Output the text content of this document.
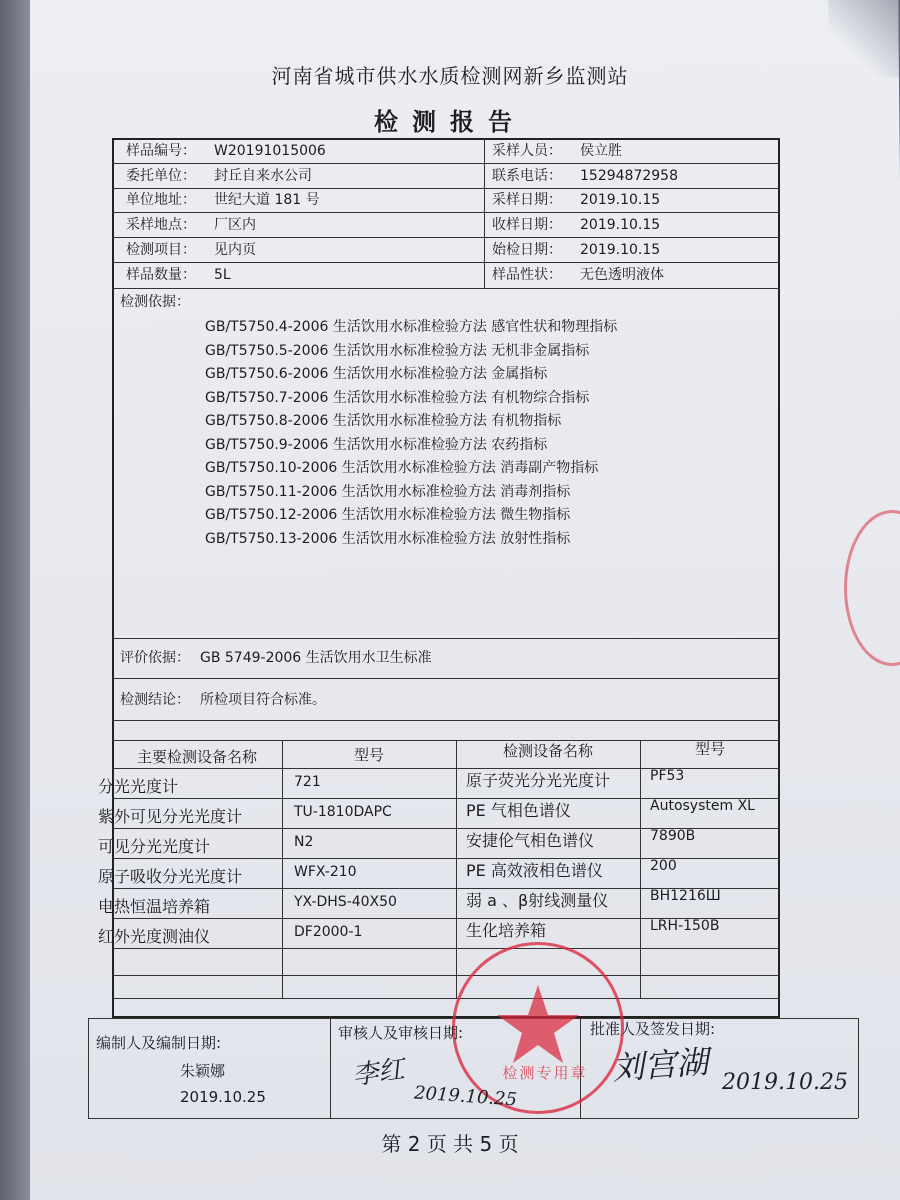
河南省城市供水水质检测网新乡监测站
检测报告
样品编号： W20191015006	采样人员： 侯立胜
委托单位： 封丘自来水公司	联系电话： 15294872958
单位地址： 世纪大道 181 号	采样日期： 2019.10.15
采样地点： 厂区内	收样日期： 2019.10.15
检测项目： 见内页	始检日期： 2019.10.15
样品数量： 5L	样品性状： 无色透明液体
检测依据：
GB/T5750.4-2006 生活饮用水标准检验方法 感官性状和物理指标
GB/T5750.5-2006 生活饮用水标准检验方法 无机非金属指标
GB/T5750.6-2006 生活饮用水标准检验方法 金属指标
GB/T5750.7-2006 生活饮用水标准检验方法 有机物综合指标
GB/T5750.8-2006 生活饮用水标准检验方法 有机物指标
GB/T5750.9-2006 生活饮用水标准检验方法 农药指标
GB/T5750.10-2006 生活饮用水标准检验方法 消毒副产物指标
GB/T5750.11-2006 生活饮用水标准检验方法 消毒剂指标
GB/T5750.12-2006 生活饮用水标准检验方法 微生物指标
GB/T5750.13-2006 生活饮用水标准检验方法 放射性指标
评价依据： GB 5749-2006 生活饮用水卫生标准
检测结论： 所检项目符合标准。
主要检测设备名称	型号	检测设备名称	型号
分光光度计	721	原子荧光分光光度计	PF53
紫外可见分光光度计	TU-1810DAPC	PE 气相色谱仪	Autosystem XL
可见分光光度计	N2	安捷伦气相色谱仪	7890B
原子吸收分光光度计	WFX-210	PE 高效液相色谱仪	200
电热恒温培养箱	YX-DHS-40X50	弱 a 、β射线测量仪	BH1216Ш
红外光度测油仪	DF2000-1	生化培养箱	LRH-150B
检测专用章
编制人及编制日期:
朱颖娜
2019.10.25
审核人及审核日期:
李红
2019.10.25
批准人及签发日期:
刘宫湖 2019.10.25
第 2 页 共 5 页
